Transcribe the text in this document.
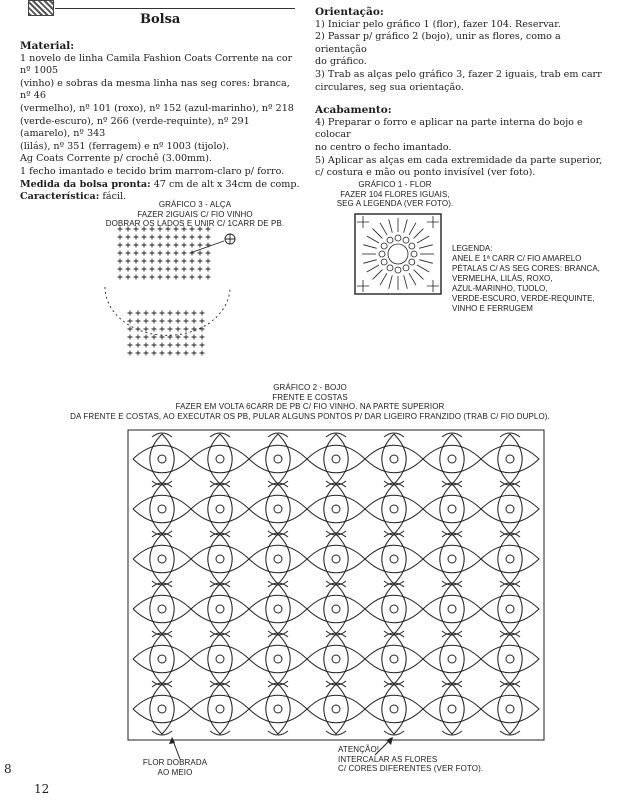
Bolsa

Material:

1 novelo de linha Camila Fashion Coats Corrente na cor nº 1005

(vinho) e sobras da mesma linha nas seg cores: branca, nº 46

(vermelho), nº 101 (roxo), nº 152 (azul-marinho), nº 218

(verde-escuro), nº 266 (verde-requinte), nº 291 (amarelo), nº 343

(lilás), nº 351 (ferragem) e nº 1003 (tijolo).

Ag Coats Corrente p/ crochê (3.00mm).

1 fecho imantado e tecido brim marrom-claro p/ forro.

Medida da bolsa pronta: 47 cm de alt x 34cm de comp.

Característica: fácil.

Orientação:

1) Iniciar pelo gráfico 1 (flor), fazer 104. Reservar.

2) Passar p/ gráfico 2 (bojo), unir as flores, como a orientação

do gráfico.

3) Trab as alças pelo gráfico 3, fazer 2 iguais, trab em carr

circulares, seg sua orientação.

Acabamento:

4) Preparar o forro e aplicar na parte interna do bojo e colocar

no centro o fecho imantado.

5) Aplicar as alças em cada extremidade da parte superior,

c/ costura e mão ou ponto invisível (ver foto).

GRÁFICO 3 - ALÇA
FAZER 2IGUAIS C/ FIO VINHO
DOBRAR OS LADOS E UNIR C/ 1CARR DE PB.
GRÁFICO 1 - FLOR
FAZER 104 FLORES IGUAIS,
SEG A LEGENDA (VER FOTO).
LEGENDA:
ANEL E 1ª CARR C/ FIO AMARELO
PÉTALAS C/ AS SEG CORES: BRANCA,
VERMELHA, LILÁS, ROXO,
AZUL-MARINHO, TIJOLO,
VERDE-ESCURO, VERDE-REQUINTE,
VINHO E FERRUGEM
GRÁFICO 2 - BOJO
FRENTE E COSTAS
FAZER EM VOLTA 6CARR DE PB C/ FIO VINHO. NA PARTE SUPERIOR
DA FRENTE E COSTAS, AO EXECUTAR OS PB, PULAR ALGUNS PONTOS P/ DAR LIGEIRO FRANZIDO (TRAB C/ FIO DUPLO).
FLOR DOBRADA
AO MEIO
ATENÇÃO!
INTERCALAR AS FLORES
C/ CORES DIFERENTES (VER FOTO).
8
12
